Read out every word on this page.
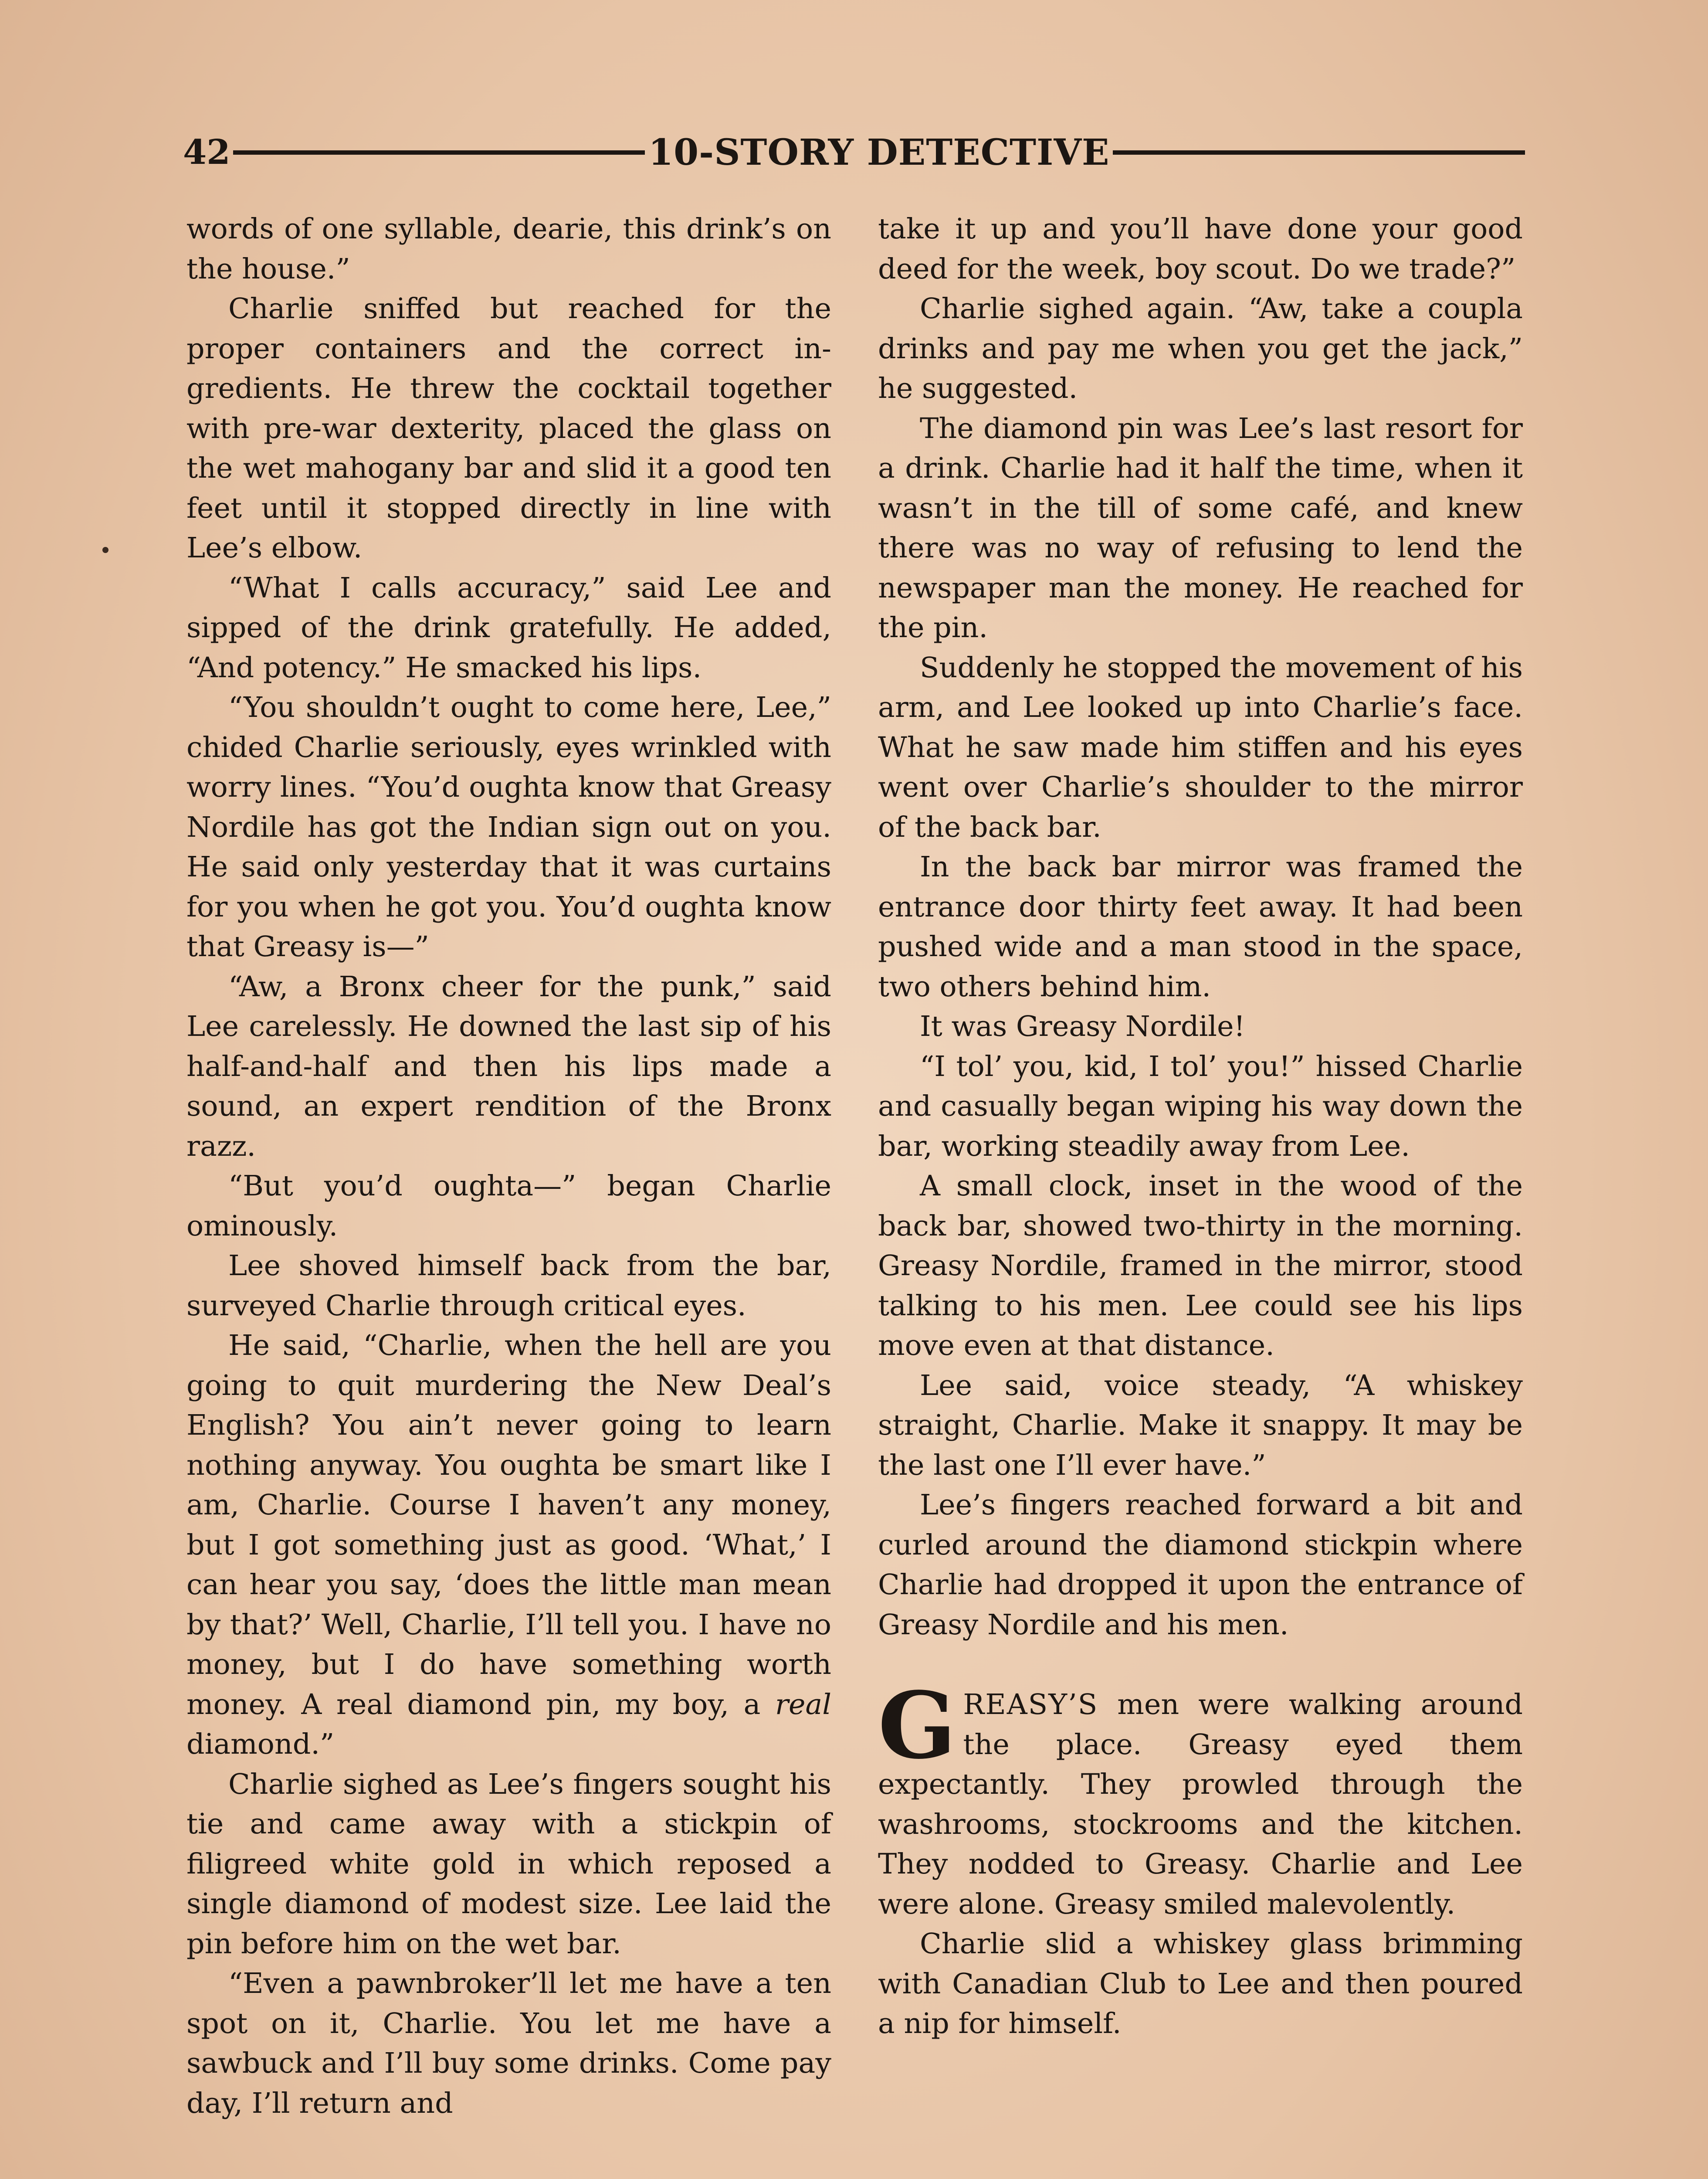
42	10-STORY DETECTIVE

words of one syllable, dearie, this drink’s on the house.”

Charlie sniffed but reached for the proper containers and the correct ingredients. He threw the cocktail together with pre-war dexterity, placed the glass on the wet mahogany bar and slid it a good ten feet until it stopped directly in line with Lee’s elbow.

“What I calls accuracy,” said Lee and sipped of the drink gratefully. He added, “And potency.” He smacked his lips.

“You shouldn’t ought to come here, Lee,” chided Charlie seriously, eyes wrinkled with worry lines. “You’d oughta know that Greasy Nordile has got the Indian sign out on you. He said only yesterday that it was curtains for you when he got you. You’d oughta know that Greasy is—”

“Aw, a Bronx cheer for the punk,” said Lee carelessly. He downed the last sip of his half-and-half and then his lips made a sound, an expert rendition of the Bronx razz.

“But you’d oughta—” began Charlie ominously.

Lee shoved himself back from the bar, surveyed Charlie through critical eyes.

He said, “Charlie, when the hell are you going to quit murdering the New Deal’s English? You ain’t never going to learn nothing anyway. You oughta be smart like I am, Charlie. Course I haven’t any money, but I got something just as good. ‘What,’ I can hear you say, ‘does the little man mean by that?’ Well, Charlie, I’ll tell you. I have no money, but I do have something worth money. A real diamond pin, my boy, a real diamond.”

Charlie sighed as Lee’s fingers sought his tie and came away with a stickpin of filigreed white gold in which reposed a single diamond of modest size. Lee laid the pin before him on the wet bar.

“Even a pawnbroker’ll let me have a ten spot on it, Charlie. You let me have a sawbuck and I’ll buy some drinks. Come pay day, I’ll return and

take it up and you’ll have done your good deed for the week, boy scout. Do we trade?”

Charlie sighed again. “Aw, take a coupla drinks and pay me when you get the jack,” he suggested.

The diamond pin was Lee’s last resort for a drink. Charlie had it half the time, when it wasn’t in the till of some café, and knew there was no way of refusing to lend the newspaper man the money. He reached for the pin.

Suddenly he stopped the movement of his arm, and Lee looked up into Charlie’s face. What he saw made him stiffen and his eyes went over Charlie’s shoulder to the mirror of the back bar.

In the back bar mirror was framed the entrance door thirty feet away. It had been pushed wide and a man stood in the space, two others behind him.

It was Greasy Nordile!

“I tol’ you, kid, I tol’ you!” hissed Charlie and casually began wiping his way down the bar, working steadily away from Lee.

A small clock, inset in the wood of the back bar, showed two-thirty in the morning. Greasy Nordile, framed in the mirror, stood talking to his men. Lee could see his lips move even at that distance.

Lee said, voice steady, “A whiskey straight, Charlie. Make it snappy. It may be the last one I’ll ever have.”

Lee’s fingers reached forward a bit and curled around the diamond stickpin where Charlie had dropped it upon the entrance of Greasy Nordile and his men.

GREASY’S men were walking around the place. Greasy eyed them expectantly. They prowled through the washrooms, stockrooms and the kitchen. They nodded to Greasy. Charlie and Lee were alone. Greasy smiled malevolently.

Charlie slid a whiskey glass brimming with Canadian Club to Lee and then poured a nip for himself.
